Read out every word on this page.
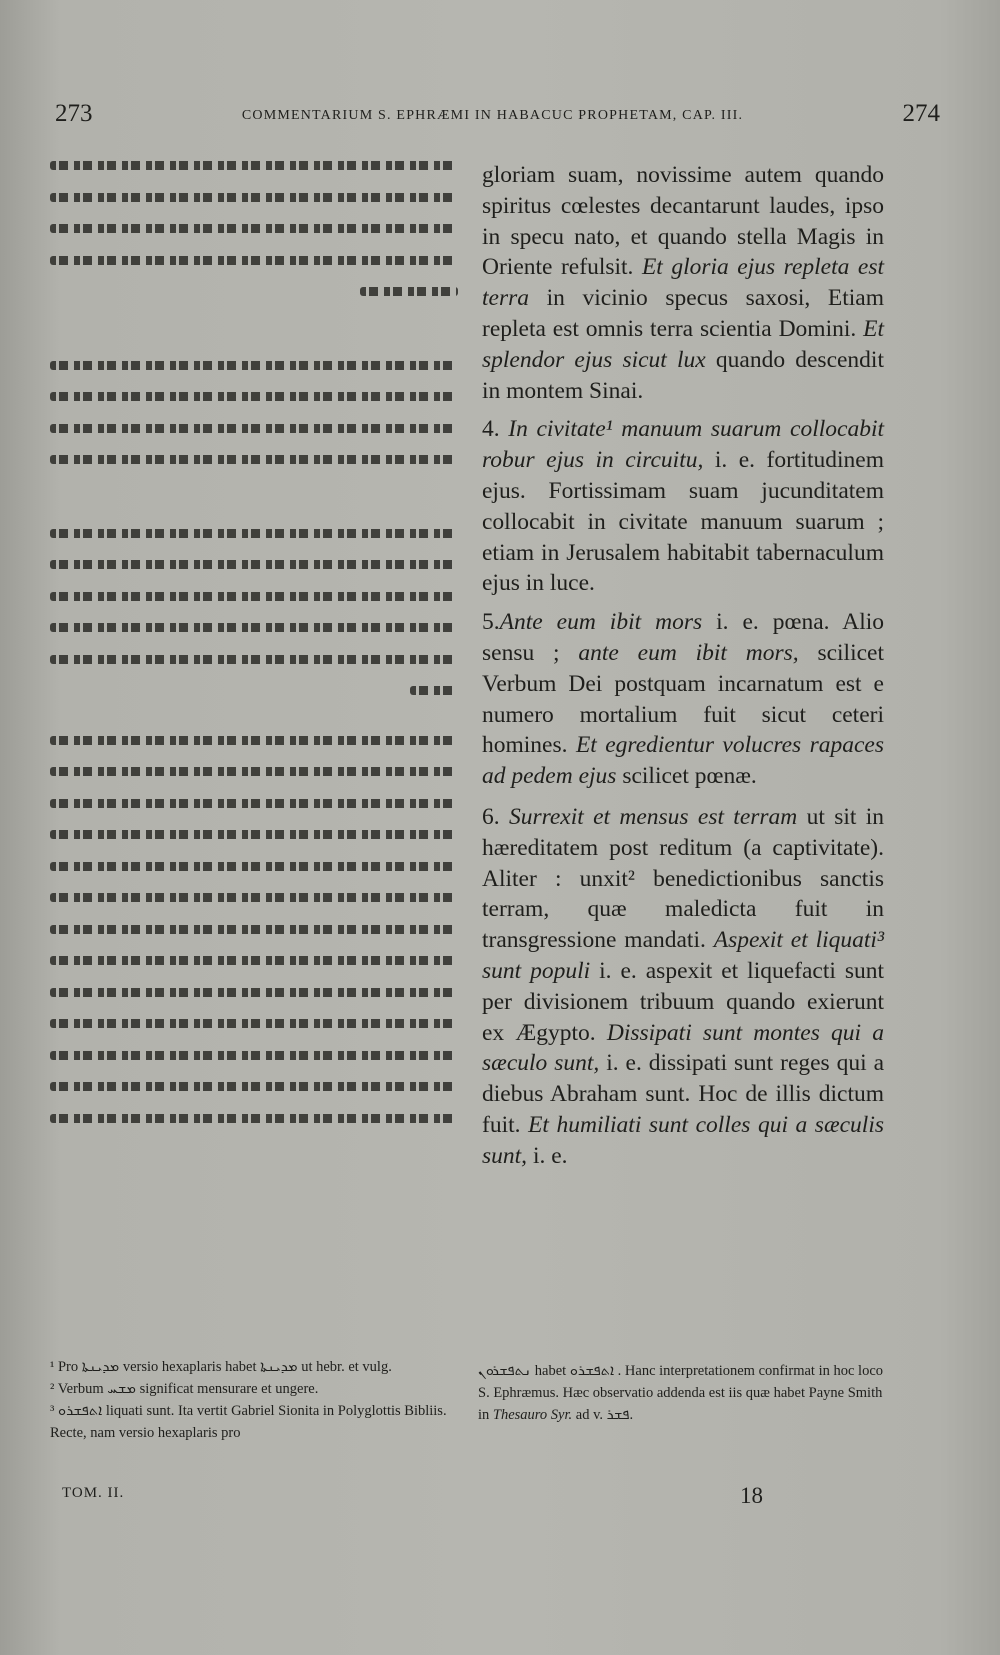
273	COMMENTARIUM S. EPHRÆMI IN HABACUC PROPHETAM, CAP. III.	274

¹ Pro ܡܕܝܢܬܐ versio hexaplaris habet ܡܕܝܢܬܐ ut hebr. et vulg.

² Verbum ܡܫܚ significat mensurare et ungere.

³ ܐܬܦܫܪܘ liquati sunt. Ita vertit Gabriel Sionita in Polyglottis Bibliis. Recte, nam versio hexaplaris pro

TOM. II.

gloriam suam, novissime autem quando spiritus cœlestes decantarunt laudes, ipso in specu nato, et quando stella Magis in Oriente refulsit. Et gloria ejus repleta est terra in vicinio specus saxosi, Etiam repleta est omnis terra scientia Domini. Et splendor ejus sicut lux quando descendit in montem Sinai.

4. In civitate¹ manuum suarum collocabit robur ejus in circuitu, i. e. fortitudinem ejus. Fortissimam suam jucunditatem collocabit in civitate manuum suarum ; etiam in Jerusalem habitabit tabernaculum ejus in luce.

5.Ante eum ibit mors i. e. pœna. Alio sensu ; ante eum ibit mors, scilicet Verbum Dei postquam incarnatum est e numero mortalium fuit sicut ceteri homines. Et egredientur volucres rapaces ad pedem ejus scilicet pœnæ.

6. Surrexit et mensus est terram ut sit in hæreditatem post reditum (a captivitate). Aliter : unxit² benedictionibus sanctis terram, quæ maledicta fuit in transgressione mandati. Aspexit et liquati³ sunt populi i. e. aspexit et liquefacti sunt per divisionem tribuum quando exierunt ex Ægypto. Dissipati sunt montes qui a sæculo sunt, i. e. dissipati sunt reges qui a diebus Abraham sunt. Hoc de illis dictum fuit. Et humiliati sunt colles qui a sæculis sunt, i. e.

ܢܬܦܫܪܘܢ habet ܐܬܦܫܪܘ . Hanc interpretationem confirmat in hoc loco S. Ephræmus. Hæc observatio addenda est iis quæ habet Payne Smith in Thesauro Syr. ad v. ܦܫܪ.
18
